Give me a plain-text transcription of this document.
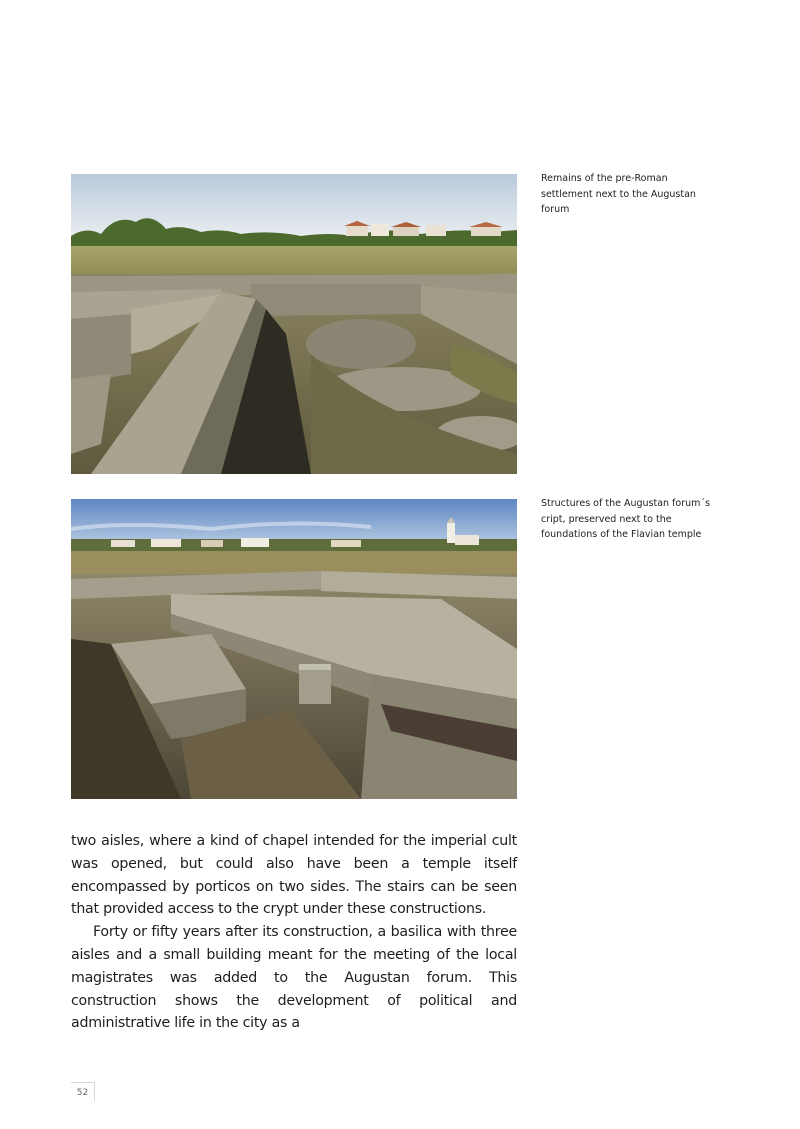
Remains of the pre-Roman settlement next to the Augustan forum
Structures of the Augustan forum´s cript, preserved next to the foundations of the Flavian temple

two aisles, where a kind of chapel intended for the imperial cult was opened, but could also have been a temple itself encompassed by porticos on two sides. The stairs can be seen that provided access to the crypt under these constructions.

Forty or fifty years after its construction, a basilica with three aisles and a small building meant for the meeting of the local magistrates was added to the Augustan forum. This construction shows the development of political and administrative life in the city as a

52
